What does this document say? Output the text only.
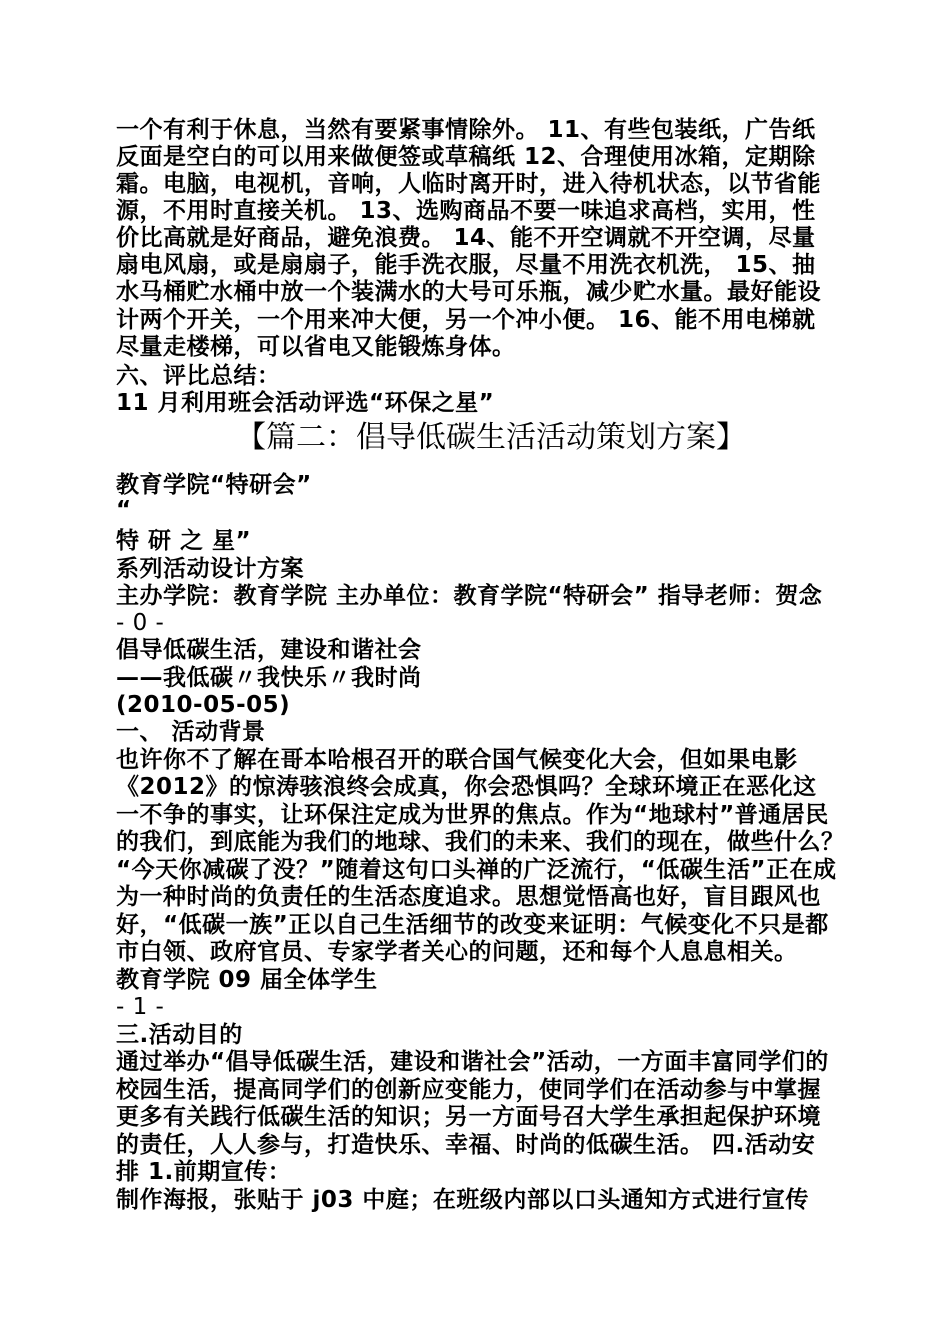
一个有利于休息，当然有要紧事情除外。 11、有些包装纸，广告纸
反面是空白的可以用来做便签或草稿纸 12、合理使用冰箱，定期除
霜。电脑，电视机，音响，人临时离开时，进入待机状态，以节省能
源，不用时直接关机。 13、选购商品不要一味追求高档，实用，性
价比高就是好商品，避免浪费。 14、能不开空调就不开空调，尽量
扇电风扇，或是扇扇子，能手洗衣服，尽量不用洗衣机洗， 15、抽
水马桶贮水桶中放一个装满水的大号可乐瓶，减少贮水量。最好能设
计两个开关，一个用来冲大便，另一个冲小便。 16、能不用电梯就
尽量走楼梯，可以省电又能锻炼身体。
六、评比总结：
11 月利用班会活动评选“环保之星”
【篇二：倡导低碳生活活动策划方案】
教育学院“特研会”
“
特 研 之 星”
系列活动设计方案
主办学院：教育学院 主办单位：教育学院“特研会” 指导老师：贺念
- 0 -
倡导低碳生活，建设和谐社会
——我低碳〃我快乐〃我时尚
(2010-05-05)
一、 活动背景
也许你不了解在哥本哈根召开的联合国气候变化大会，但如果电影
《2012》的惊涛骇浪终会成真，你会恐惧吗？全球环境正在恶化这
一不争的事实，让环保注定成为世界的焦点。作为“地球村”普通居民
的我们，到底能为我们的地球、我们的未来、我们的现在，做些什么？
“今天你减碳了没？”随着这句口头禅的广泛流行，“低碳生活”正在成
为一种时尚的负责任的生活态度追求。思想觉悟高也好，盲目跟风也
好，“低碳一族”正以自己生活细节的改变来证明：气候变化不只是都
市白领、政府官员、专家学者关心的问题，还和每个人息息相关。
教育学院 09 届全体学生
- 1 -
三.活动目的
通过举办“倡导低碳生活，建设和谐社会”活动，一方面丰富同学们的
校园生活，提高同学们的创新应变能力，使同学们在活动参与中掌握
更多有关践行低碳生活的知识；另一方面号召大学生承担起保护环境
的责任，人人参与，打造快乐、幸福、时尚的低碳生活。 四.活动安
排 1.前期宣传：
制作海报，张贴于 j03 中庭；在班级内部以口头通知方式进行宣传
